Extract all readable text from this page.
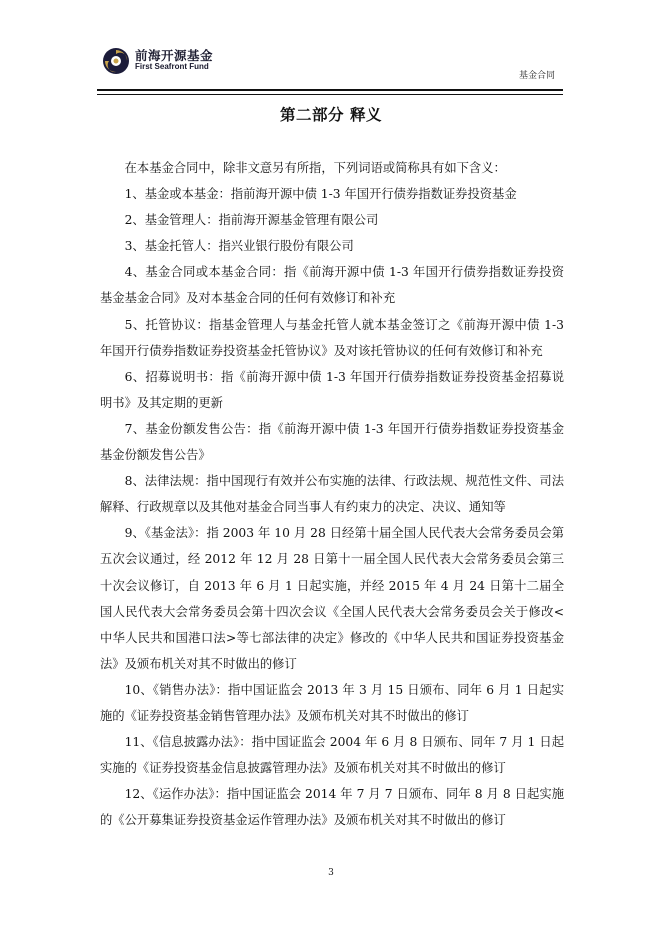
前海开源基金
First Seafront Fund
基金合同
第二部分 释义

在本基金合同中，除非文意另有所指，下列词语或简称具有如下含义：

1、基金或本基金：指前海开源中债 1-3 年国开行债券指数证券投资基金

2、基金管理人：指前海开源基金管理有限公司

3、基金托管人：指兴业银行股份有限公司

4、基金合同或本基金合同：指《前海开源中债 1-3 年国开行债券指数证券投资基金基金合同》及对本基金合同的任何有效修订和补充

5、托管协议：指基金管理人与基金托管人就本基金签订之《前海开源中债 1-3 年国开行债券指数证券投资基金托管协议》及对该托管协议的任何有效修订和补充

6、招募说明书：指《前海开源中债 1-3 年国开行债券指数证券投资基金招募说明书》及其定期的更新

7、基金份额发售公告：指《前海开源中债 1-3 年国开行债券指数证券投资基金基金份额发售公告》

8、法律法规：指中国现行有效并公布实施的法律、行政法规、规范性文件、司法解释、行政规章以及其他对基金合同当事人有约束力的决定、决议、通知等

9、《基金法》：指 2003 年 10 月 28 日经第十届全国人民代表大会常务委员会第五次会议通过，经 2012 年 12 月 28 日第十一届全国人民代表大会常务委员会第三十次会议修订，自 2013 年 6 月 1 日起实施，并经 2015 年 4 月 24 日第十二届全国人民代表大会常务委员会第十四次会议《全国人民代表大会常务委员会关于修改<中华人民共和国港口法>等七部法律的决定》修改的《中华人民共和国证券投资基金法》及颁布机关对其不时做出的修订

10、《销售办法》：指中国证监会 2013 年 3 月 15 日颁布、同年 6 月 1 日起实施的《证券投资基金销售管理办法》及颁布机关对其不时做出的修订

11、《信息披露办法》：指中国证监会 2004 年 6 月 8 日颁布、同年 7 月 1 日起实施的《证券投资基金信息披露管理办法》及颁布机关对其不时做出的修订

12、《运作办法》：指中国证监会 2014 年 7 月 7 日颁布、同年 8 月 8 日起实施的《公开募集证券投资基金运作管理办法》及颁布机关对其不时做出的修订

3
